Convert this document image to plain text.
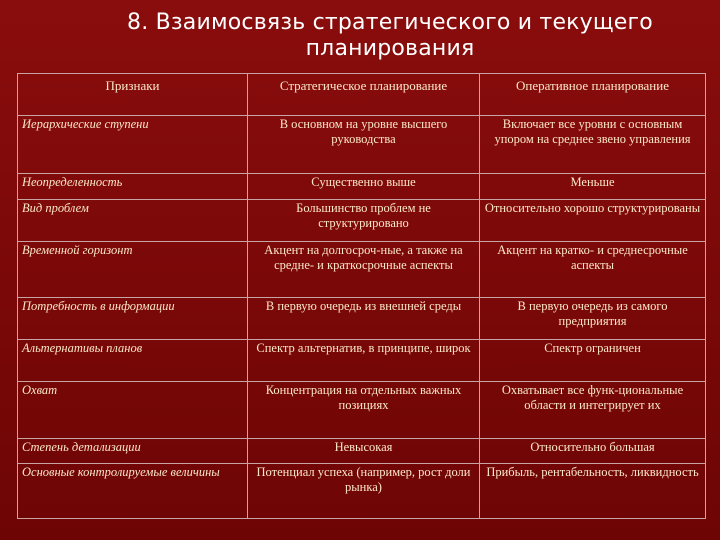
8. Взаимосвязь стратегического и текущего
планирования
Признаки	Стратегическое планирование	Оперативное планирование
Иерархические ступени	В основном на уровне высшего руководства	Включает все уровни с основным упором на среднее звено управления
Неопределенность	Существенно выше	Меньше
Вид проблем	Большинство проблем не структурировано	Относительно хорошо структурированы
Временной горизонт	Акцент на долгосроч-ные, а также на средне- и краткосрочные аспекты	Акцент на кратко- и среднесрочные аспекты
Потребность в информации	В первую очередь из внешней среды	В первую очередь из самого предприятия
Альтернативы планов	Спектр альтернатив, в принципе, широк	Спектр ограничен
Охват	Концентрация на отдельных важных позициях	Охватывает все функ-циональные области и интегрирует их
Степень детализации	Невысокая	Относительно большая
Основные контролируемые величины	Потенциал успеха (например, рост доли рынка)	Прибыль, рентабельность, ликвидность
